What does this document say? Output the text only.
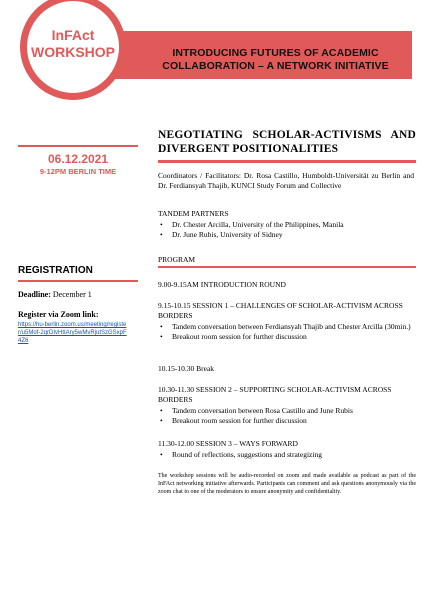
INTRODUCING FUTURES OF ACADEMIC
COLLABORATION – A NETWORK INITIATIVE
InFAct
WORKSHOP
NEGOTIATING SCHOLAR-ACTIVISMS AND DIVERGENT POSITIONALITIES
06.12.2021
9-12PM BERLIN TIME	Coordinators / Facilitators: Dr. Rosa Castillo, Humboldt-Universität zu Berlin and Dr. Ferdiansyah Thajib, KUNCI Study Forum and Collective
TANDEM PARTNERS
• Dr. Chester Arcilla, University of the Philippines, Manila
• Dr. June Rubis, University of Sidney
PROGRAM
9.00-9.15AM INTRODUCTION ROUND
9.15-10.15 SESSION 1 – CHALLENGES OF SCHOLAR-ACTIVISM ACROSS BORDERS
• Tandem conversation between Ferdiansyah Thajib and Chester Arcilla (30min.)
• Breakout room session for further discussion
10.15-10.30 Break
10.30-11.30 SESSION 2 – SUPPORTING SCHOLAR-ACTIVISM ACROSS BORDERS
• Tandem conversation between Rosa Castillo and June Rubis
• Breakout room session for further discussion
11.30-12.00 SESSION 3 – WAYS FORWARD
• Round of reflections, suggestions and strategizing
The workshop sessions will be audio-recorded on zoom and made available as podcast as part of the InFAct networking initiative afterwards. Participants can comment and ask questions anonymously via the zoom chat to one of the moderators to ensure anonymity and confidentiality.
REGISTRATION
Deadline: December 1
Register via Zoom link:
https://hu-berlin.zoom.us/meeting/register/u5Mof-2qrDIvHtIAry5wMvRjutSzGSxpF4Z6
